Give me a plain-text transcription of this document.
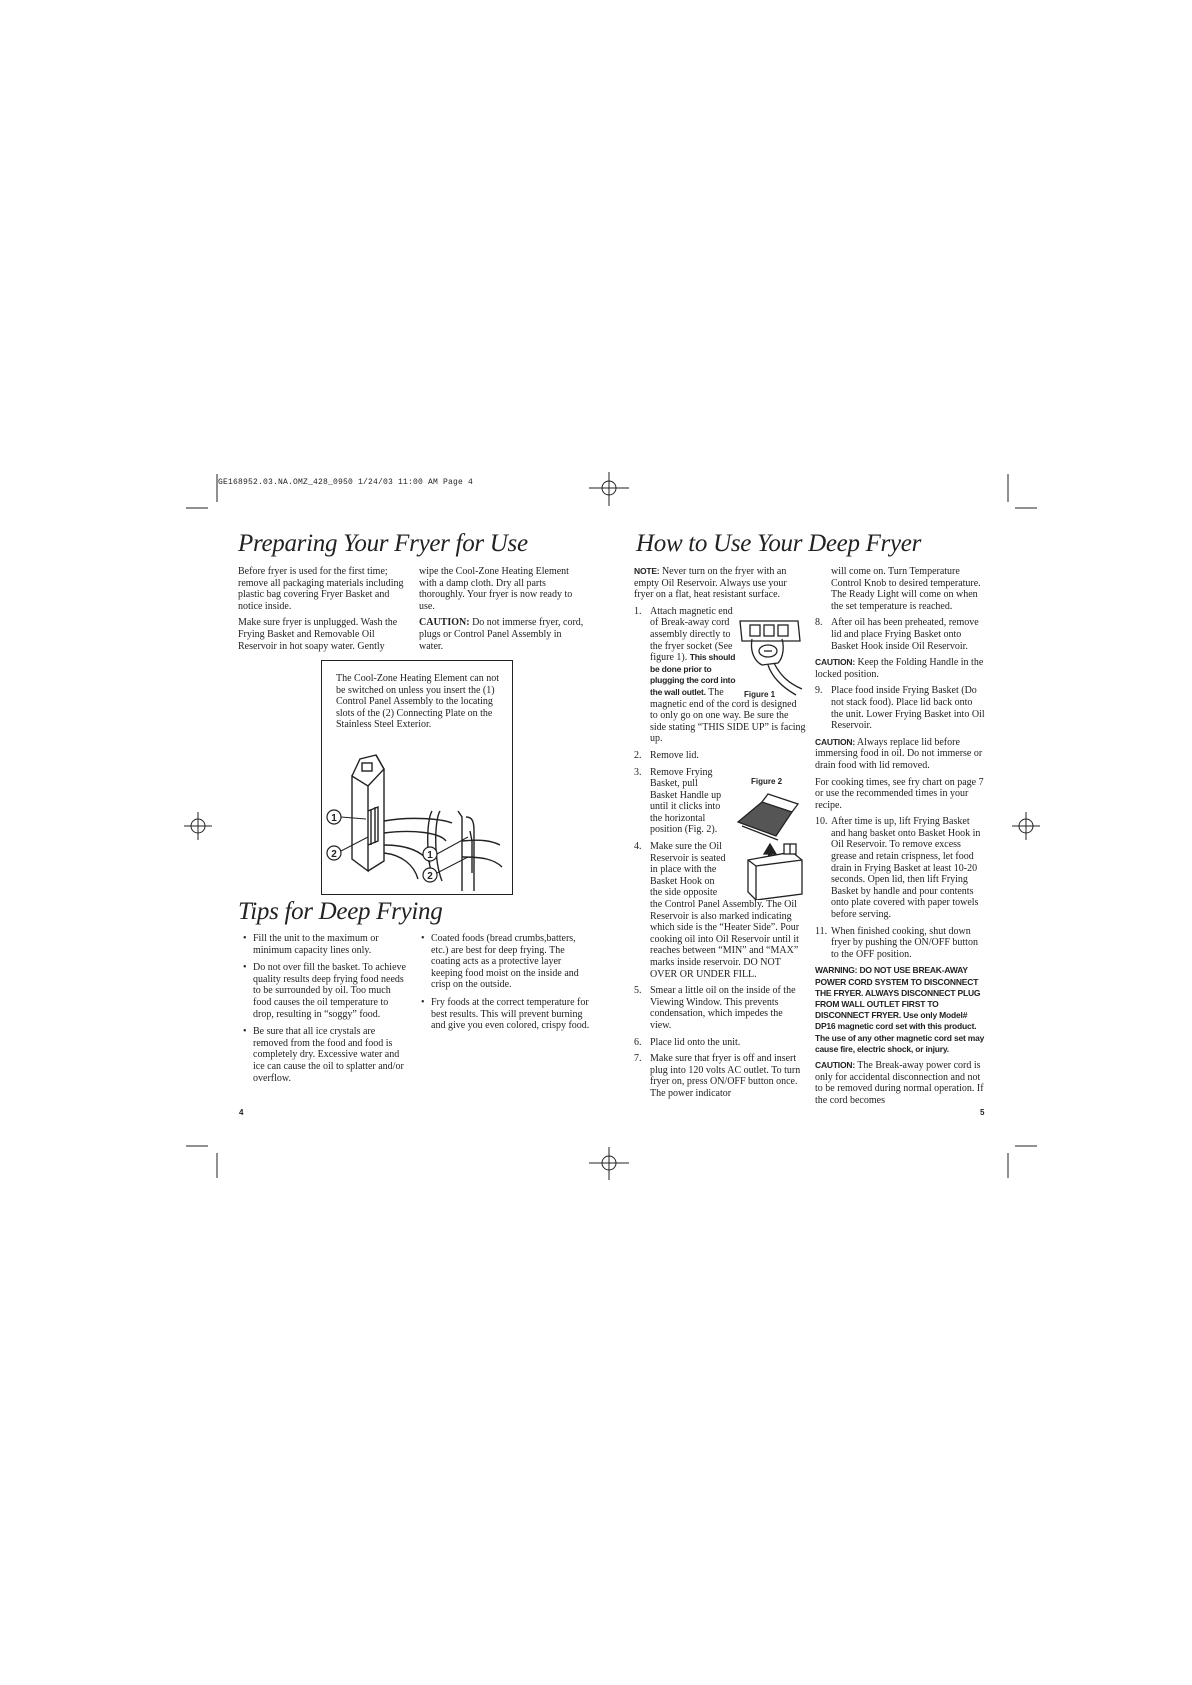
GE168952.03.NA.OMZ_428_0950 1/24/03 11:00 AM Page 4
Preparing Your Fryer for Use

Before fryer is used for the first time; remove all packaging materials including plastic bag covering Fryer Basket and notice inside.

Make sure fryer is unplugged. Wash the Frying Basket and Removable Oil Reservoir in hot soapy water. Gently

wipe the Cool-Zone Heating Element with a damp cloth. Dry all parts thoroughly. Your fryer is now ready to use.

CAUTION: Do not immerse fryer, cord, plugs or Control Panel Assembly in water.

The Cool-Zone Heating Element can not be switched on unless you insert the (1) Control Panel Assembly to the locating slots of the (2) Connecting Plate on the Stainless Steel Exterior.
1
2	1
2
Tips for Deep Frying
• Fill the unit to the maximum or minimum capacity lines only.
• Do not over fill the basket. To achieve quality results deep frying food needs to be surrounded by oil. Too much food causes the oil temperature to drop, resulting in “soggy” food.
• Be sure that all ice crystals are removed from the food and food is completely dry. Excessive water and ice can cause the oil to splatter and/or overflow.
• Coated foods (bread crumbs,batters, etc.) are best for deep frying. The coating acts as a protective layer keeping food moist on the inside and crisp on the outside.
• Fry foods at the correct temperature for best results. This will prevent burning and give you even colored, crispy food.
4
How to Use Your Deep Fryer

NOTE: Never turn on the fryer with an empty Oil Reservoir. Always use your fryer on a flat, heat resistant surface.

1. Attach magnetic end of Break-away cord assembly directly to the fryer socket (See figure 1). This should be done prior to plugging the cord into the wall outlet. The magnetic end of the cord is designed to only go on one way. Be sure the side stating “THIS SIDE UP” is facing up.
2. Remove lid.
3. Remove Frying Basket, pull Basket Handle up until it clicks into the horizontal position (Fig. 2).
4. Make sure the Oil Reservoir is seated in place with the Basket Hook on the side opposite the Control Panel Assembly. The Oil Reservoir is also marked indicating which side is the “Heater Side”. Pour cooking oil into Oil Reservoir until it reaches between “MIN” and “MAX” marks inside reservoir. DO NOT OVER OR UNDER FILL.
5. Smear a little oil on the inside of the Viewing Window. This prevents condensation, which impedes the view.
6. Place lid onto the unit.
7. Make sure that fryer is off and insert plug into 120 volts AC outlet. To turn fryer on, press ON/OFF button once. The power indicator
Figure 1
Figure 2

will come on. Turn Temperature Control Knob to desired temperature. The Ready Light will come on when the set temperature is reached.

8. After oil has been preheated, remove lid and place Frying Basket onto Basket Hook inside Oil Reservoir.

CAUTION: Keep the Folding Handle in the locked position.

9. Place food inside Frying Basket (Do not stack food). Place lid back onto the unit. Lower Frying Basket into Oil Reservoir.

CAUTION: Always replace lid before immersing food in oil. Do not immerse or drain food with lid removed.

For cooking times, see fry chart on page 7 or use the recommended times in your recipe.

10. After time is up, lift Frying Basket and hang basket onto Basket Hook in Oil Reservoir. To remove excess grease and retain crispness, let food drain in Frying Basket at least 10-20 seconds. Open lid, then lift Frying Basket by handle and pour contents onto plate covered with paper towels before serving.
11. When finished cooking, shut down fryer by pushing the ON/OFF button to the OFF position.

WARNING: DO NOT USE BREAK-AWAY POWER CORD SYSTEM TO DISCONNECT THE FRYER. ALWAYS DISCONNECT PLUG FROM WALL OUTLET FIRST TO DISCONNECT FRYER. Use only Model# DP16 magnetic cord set with this product. The use of any other magnetic cord set may cause fire, electric shock, or injury.

CAUTION: The Break-away power cord is only for accidental disconnection and not to be removed during normal operation. If the cord becomes

5
